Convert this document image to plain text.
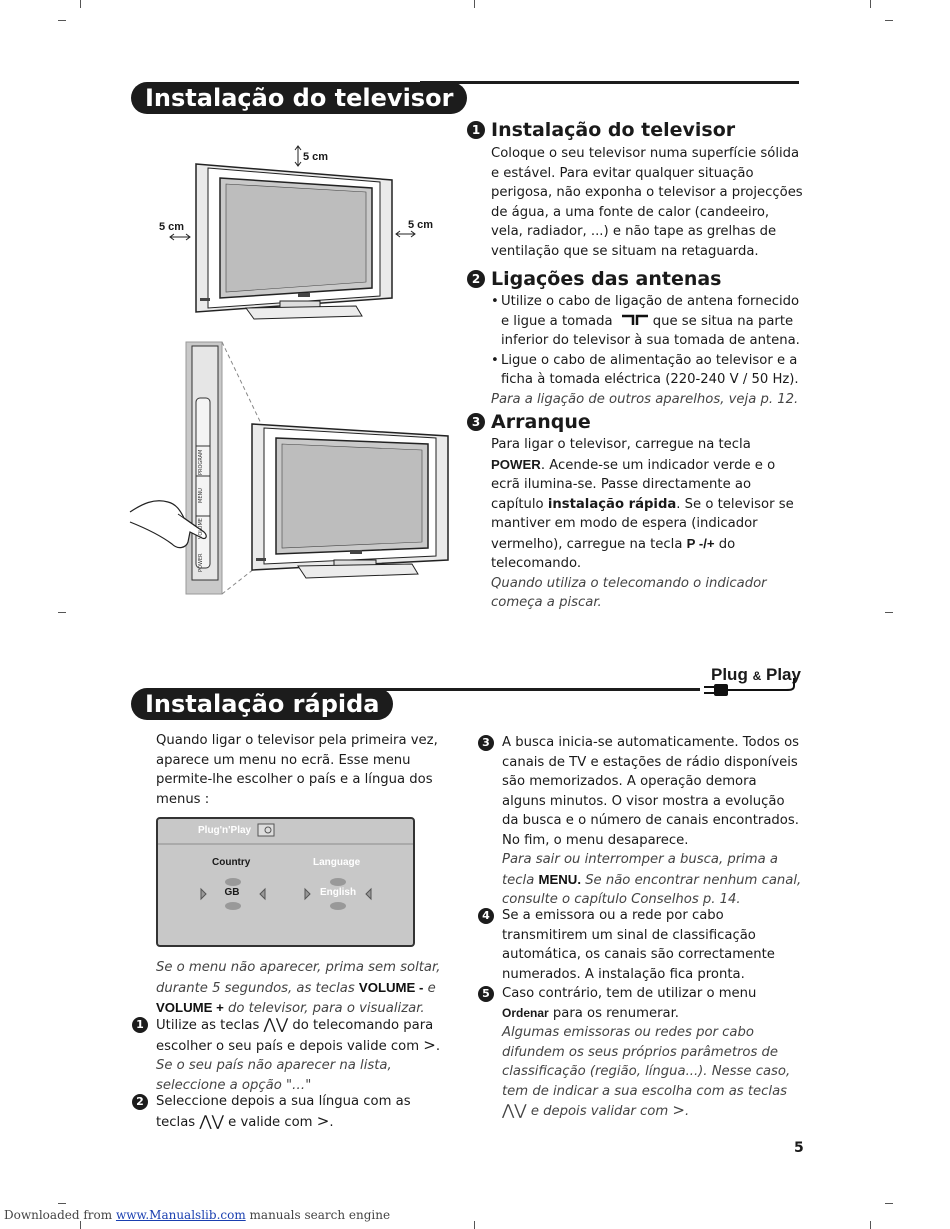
Instalação do televisor
5 cm
5 cm	5 cm
PROGRAM
MENU
VOLUME
POWER
1 Instalação do televisor

Coloque o seu televisor numa superfície sólida e estável. Para evitar qualquer situação perigosa, não exponha o televisor a projecções de água, a uma fonte de calor (candeeiro, vela, radiador, ...) e não tape as grelhas de ventilação que se situam na retaguarda.

2 Ligações das antenas
• Utilize o cabo de ligação de antena fornecido e ligue a tomada	que se situa na parte inferior do televisor à sua tomada de antena.
• Ligue o cabo de alimentação ao televisor e a ficha à tomada eléctrica (220-240 V / 50 Hz).

Para a ligação de outros aparelhos, veja p. 12.

3 Arranque

Para ligar o televisor, carregue na tecla POWER. Acende-se um indicador verde e o ecrã ilumina-se. Passe directamente ao capítulo instalação rápida. Se o televisor se mantiver em modo de espera (indicador vermelho), carregue na tecla P -/+ do telecomando.

Quando utiliza o telecomando o indicador começa a piscar.

Plug & Play
Instalação rápida

Quando ligar o televisor pela primeira vez, aparece um menu no ecrã. Esse menu permite-lhe escolher o país e a língua dos menus :

Plug'n'Play
Country	Language
GB	English

Se o menu não aparecer, prima sem soltar, durante 5 segundos, as teclas VOLUME - e VOLUME + do televisor, para o visualizar.

1 Utilize as teclas ⋀⋁ do telecomando para escolher o seu país e depois valide com >.

Se o seu país não aparecer na lista, seleccione a opção "…"

2 Seleccione depois a sua língua com as teclas ⋀⋁ e valide com >.

3 A busca inicia-se automaticamente. Todos os canais de TV e estações de rádio disponíveis são memorizados. A operação demora alguns minutos. O visor mostra a evolução da busca e o número de canais encontrados. No fim, o menu desaparece.

Para sair ou interromper a busca, prima a tecla MENU. Se não encontrar nenhum canal, consulte o capítulo Conselhos p. 14.

4 Se a emissora ou a rede por cabo transmitirem um sinal de classificação automática, os canais são correctamente numerados. A instalação fica pronta.

5 Caso contrário, tem de utilizar o menu Ordenar para os renumerar.

Algumas emissoras ou redes por cabo difundem os seus próprios parâmetros de classificação (região, língua...). Nesse caso, tem de indicar a sua escolha com as teclas ⋀⋁ e depois validar com >.

5
Downloaded from www.Manualslib.com manuals search engine
